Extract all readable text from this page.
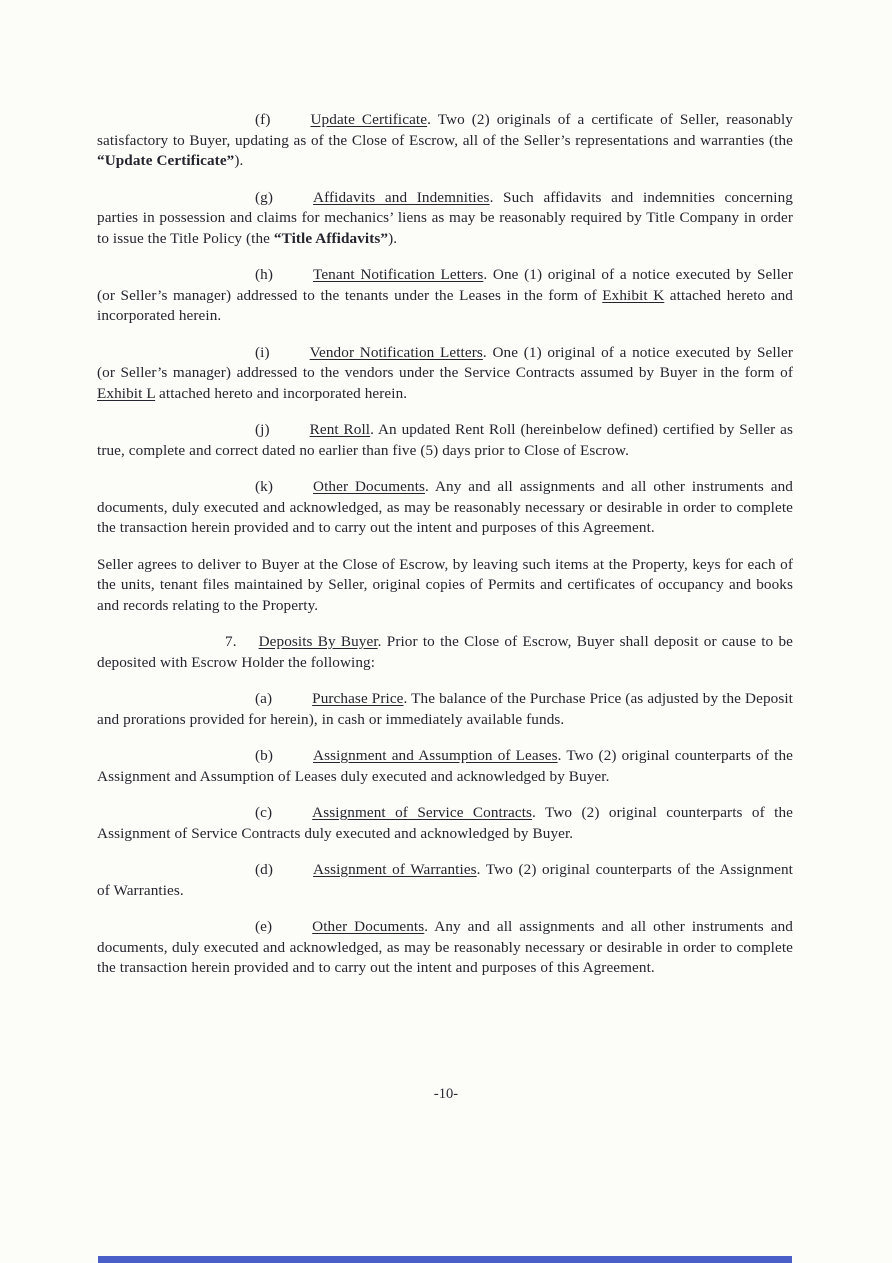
(f)	Update Certificate. Two (2) originals of a certificate of Seller, reasonably satisfactory to Buyer, updating as of the Close of Escrow, all of the Seller’s representations and warranties (the “Update Certificate”).

(g)	Affidavits and Indemnities. Such affidavits and indemnities concerning parties in possession and claims for mechanics’ liens as may be reasonably required by Title Company in order to issue the Title Policy (the “Title Affidavits”).

(h)	Tenant Notification Letters. One (1) original of a notice executed by Seller (or Seller’s manager) addressed to the tenants under the Leases in the form of Exhibit K attached hereto and incorporated herein.

(i)	Vendor Notification Letters. One (1) original of a notice executed by Seller (or Seller’s manager) addressed to the vendors under the Service Contracts assumed by Buyer in the form of Exhibit L attached hereto and incorporated herein.

(j)	Rent Roll. An updated Rent Roll (hereinbelow defined) certified by Seller as true, complete and correct dated no earlier than five (5) days prior to Close of Escrow.

(k)	Other Documents. Any and all assignments and all other instruments and documents, duly executed and acknowledged, as may be reasonably necessary or desirable in order to complete the transaction herein provided and to carry out the intent and purposes of this Agreement.

Seller agrees to deliver to Buyer at the Close of Escrow, by leaving such items at the Property, keys for each of the units, tenant files maintained by Seller, original copies of Permits and certificates of occupancy and books and records relating to the Property.

7. Deposits By Buyer. Prior to the Close of Escrow, Buyer shall deposit or cause to be deposited with Escrow Holder the following:

(a)	Purchase Price. The balance of the Purchase Price (as adjusted by the Deposit and prorations provided for herein), in cash or immediately available funds.

(b)	Assignment and Assumption of Leases. Two (2) original counterparts of the Assignment and Assumption of Leases duly executed and acknowledged by Buyer.

(c)	Assignment of Service Contracts. Two (2) original counterparts of the Assignment of Service Contracts duly executed and acknowledged by Buyer.

(d)	Assignment of Warranties. Two (2) original counterparts of the Assignment of Warranties.

(e)	Other Documents. Any and all assignments and all other instruments and documents, duly executed and acknowledged, as may be reasonably necessary or desirable in order to complete the transaction herein provided and to carry out the intent and purposes of this Agreement.

-10-
